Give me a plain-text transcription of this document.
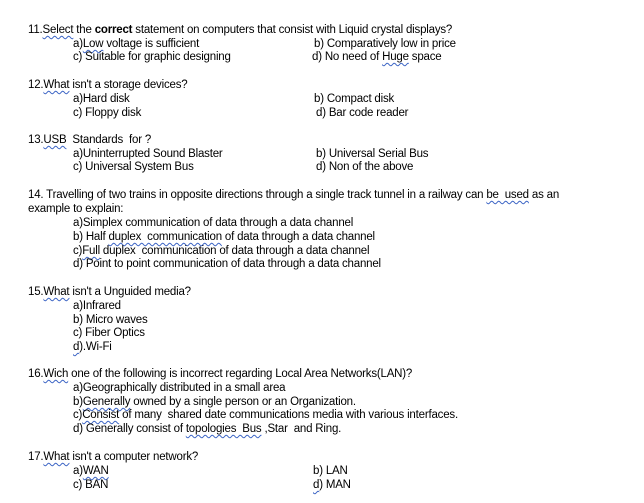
11.Select the correct statement on computers that consist with Liquid crystal displays?
a)Low voltage is sufficient	b) Comparatively low in price
c) Suitable for graphic designing	d) No need of Huge space
12.What isn't a storage devices?
a)Hard disk	b) Compact disk
c) Floppy disk	d) Bar code reader
13.USB  Standards  for ?
a)Uninterrupted Sound Blaster	b) Universal Serial Bus
c) Universal System Bus	d) Non of the above
14. Travelling of two trains in opposite directions through a single track tunnel in a railway can be  used as an
example to explain:
a)Simplex communication of data through a data channel
b) Half duplex  communication of data through a data channel
c)Full duplex  communication of data through a data channel
d) Point to point communication of data through a data channel
15.What isn't a Unguided media?
a)Infrared
b) Micro waves
c) Fiber Optics
d).Wi-Fi
16.Wich one of the following is incorrect regarding Local Area Networks(LAN)?
a)Geographically distributed in a small area
b)Generally owned by a single person or an Organization.
c)Consist of many  shared date communications media with various interfaces.
d) Generally consist of topologies  Bus ,Star  and Ring.
17.What isn't a computer network?
a)WAN	b) LAN
c) BAN	d) MAN
